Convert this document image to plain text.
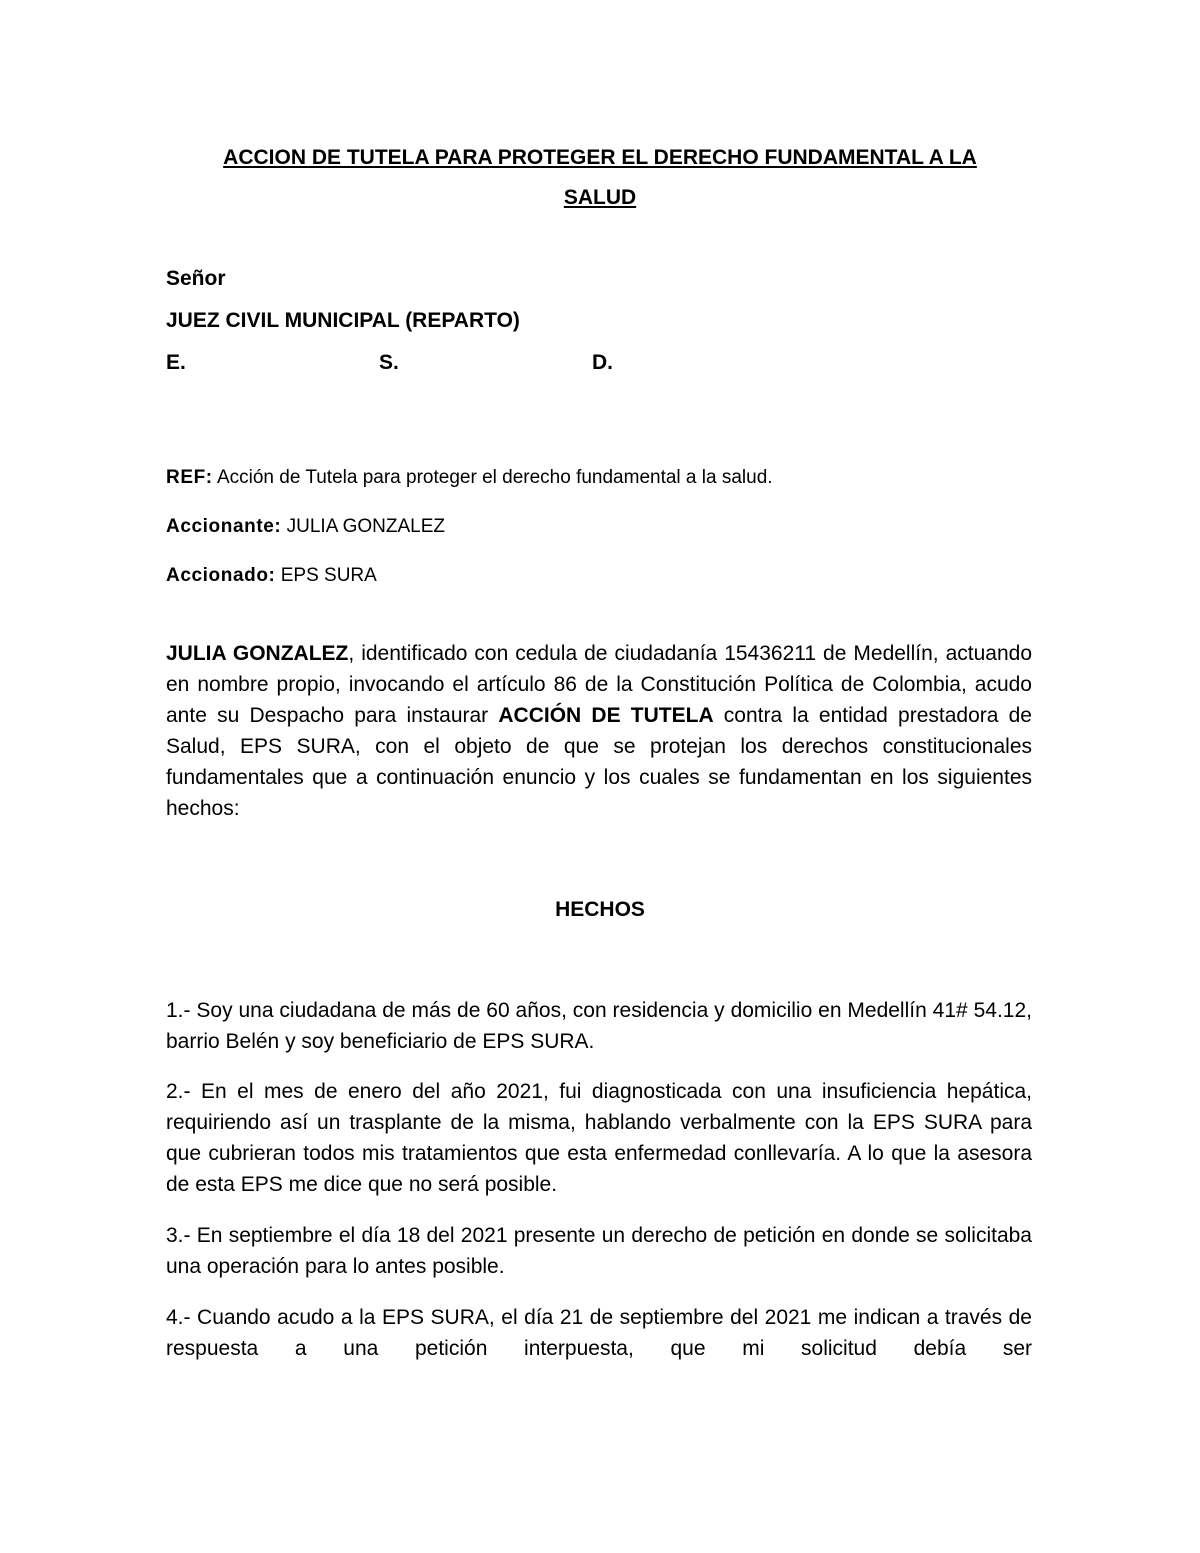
ACCION DE TUTELA PARA PROTEGER EL DERECHO FUNDAMENTAL A LA
SALUD
Señor
JUEZ CIVIL MUNICIPAL (REPARTO)
E.	S.	D.
REF: Acción de Tutela para proteger el derecho fundamental a la salud.
Accionante: JULIA GONZALEZ
Accionado: EPS SURA
JULIA GONZALEZ, identificado con cedula de ciudadanía 15436211 de Medellín, actuando en nombre propio, invocando el artículo 86 de la Constitución Política de Colombia, acudo ante su Despacho para instaurar ACCIÓN DE TUTELA contra la entidad prestadora de Salud, EPS SURA, con el objeto de que se protejan los derechos constitucionales fundamentales que a continuación enuncio y los cuales se fundamentan en los siguientes hechos:
HECHOS
1.- Soy una ciudadana de más de 60 años, con residencia y domicilio en Medellín 41# 54.12, barrio Belén y soy beneficiario de EPS SURA.
2.- En el mes de enero del año 2021, fui diagnosticada con una insuficiencia hepática, requiriendo así un trasplante de la misma, hablando verbalmente con la EPS SURA para que cubrieran todos mis tratamientos que esta enfermedad conllevaría. A lo que la asesora de esta EPS me dice que no será posible.
3.- En septiembre el día 18 del 2021 presente un derecho de petición en donde se solicitaba una operación para lo antes posible.
4.- Cuando acudo a la EPS SURA, el día 21 de septiembre del 2021 me indican a través de respuesta a una petición interpuesta, que mi solicitud debía ser
